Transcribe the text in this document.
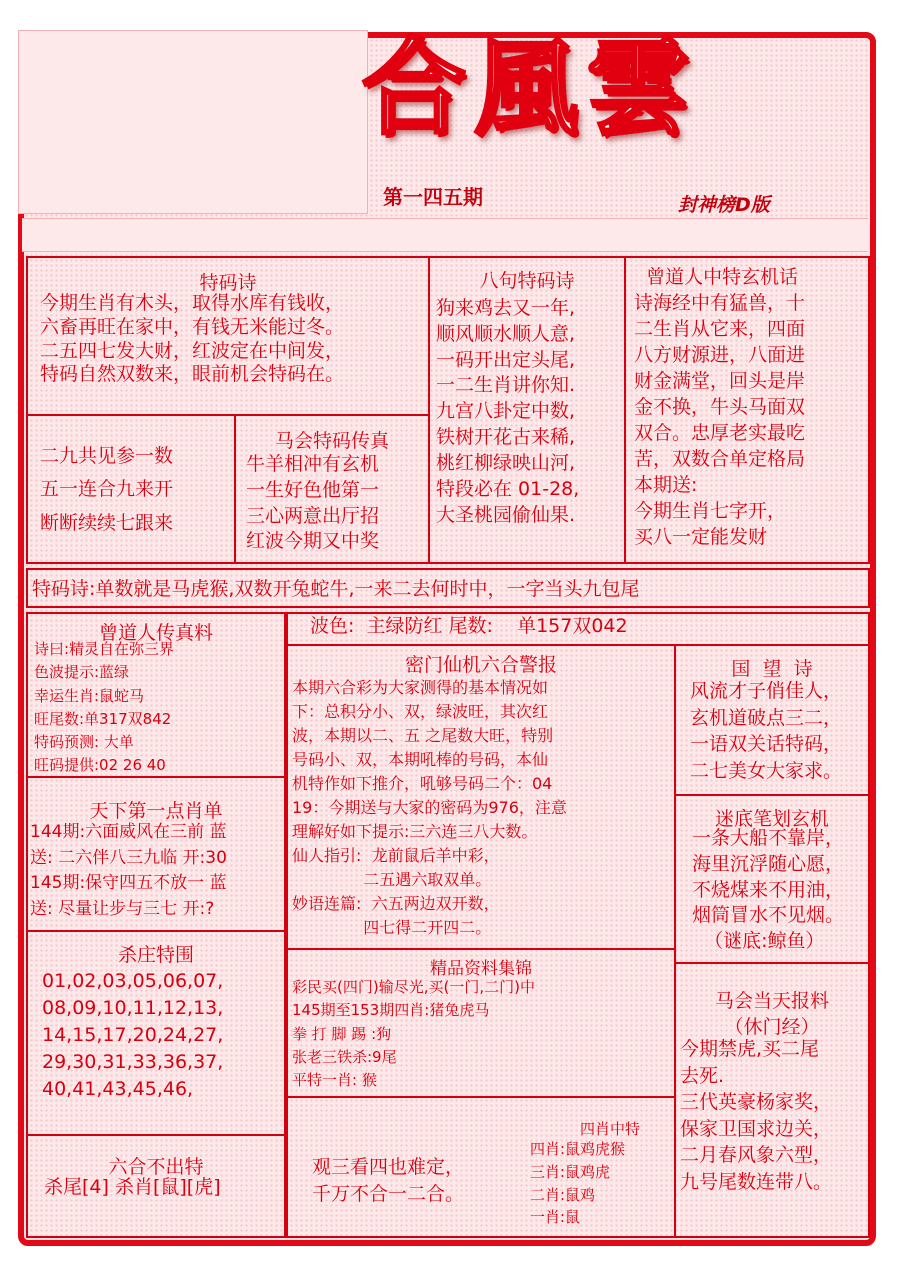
合風雲
第一四五期	封神榜D版
特码诗
今期生肖有木头，取得水库有钱收，
六畜再旺在家中，有钱无米能过冬。
二五四七发大财，红波定在中间发，
特码自然双数来，眼前机会特码在。
八句特码诗
狗来鸡去又一年,
顺风顺水顺人意,
一码开出定头尾,
一二生肖讲你知.
九宫八卦定中数,
铁树开花古来稀,
桃红柳绿映山河,
特段必在 01-28,
大圣桃园偷仙果.
曾道人中特玄机话
诗海经中有猛兽，十
二生肖从它来，四面
八方财源进，八面进
财金满堂，回头是岸
金不换，牛头马面双
双合。忠厚老实最吃
苦，双数合单定格局
本期送:
今期生肖七字开，
买八一定能发财
二九共见参一数
五一连合九来开
断断续续七跟来
马会特码传真
牛羊相冲有玄机
一生好色他第一
三心两意出厅招
红波今期又中奖
特码诗:单数就是马虎猴,双数开兔蛇牛,一来二去何时中，一字当头九包尾
曾道人传真料
诗曰:精灵自在弥三界
色波提示:蓝绿
幸运生肖:鼠蛇马
旺尾数:单317双842
特码预测: 大单
旺码提供:02 26 40
天下第一点肖单
144期:六面威风在三前 蓝
送: 二六伴八三九临 开:30
145期:保守四五不放一 蓝
送: 尽量让步与三七 开:?
杀庄特围
01,02,03,05,06,07,
08,09,10,11,12,13,
14,15,17,20,24,27,
29,30,31,33,36,37,
40,41,43,45,46,
六合不出特
杀尾[4] 杀肖[鼠][虎]
波色:  主绿防红 尾数:    单157双042
密门仙机六合警报
本期六合彩为大家测得的基本情况如
下：总积分小、双，绿波旺，其次红
波，本期以二、五 之尾数大旺，特别
号码小、双，本期吼棒的号码，本仙
机特作如下推介，吼够号码二个：04
19：今期送与大家的密码为976，注意
理解好如下提示:三六连三八大数。
仙人指引:  龙前鼠后羊中彩，
二五遇六取双单。
妙语连篇:  六五两边双开数，
四七得二开四二。
精品资料集锦
彩民买(四门)输尽光,买(一门,二门)中
145期至153期四肖:猪兔虎马
拳 打 脚 踢 :狗
张老三铁杀:9尾
平特一肖: 猴
观三看四也难定，
千万不合一二合。
四肖中特
四肖:鼠鸡虎猴
三肖:鼠鸡虎
二肖:鼠鸡
一肖:鼠
国  望  诗
风流才子俏佳人，
玄机道破点三二，
一语双关话特码，
二七美女大家求。
迷底笔划玄机
一条大船不靠岸，
海里沉浮随心愿，
不烧煤来不用油，
烟筒冒水不见烟。
（谜底:鲸鱼）
马会当天报料
（休门经）
今期禁虎,买二尾
去死.
三代英豪杨家奖，
保家卫国求边关，
二月春风象六型，
九号尾数连带八。
